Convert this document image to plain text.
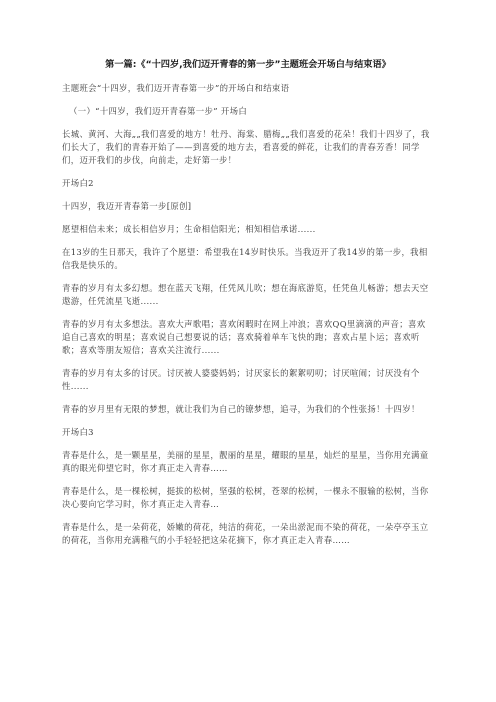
第一篇:《“十四岁,我们迈开青春的第一步”主题班会开场白与结束语》

主题班会“十四岁，我们迈开青春第一步”的开场白和结束语

（一）“十四岁，我们迈开青春第一步” 开场白

长城、黄河、大海„„我们喜爱的地方！牡丹、海棠、腊梅„„我们喜爱的花朵！我们十四岁了，我们长大了，我们的青春开始了——到喜爱的地方去，看喜爱的鲜花，让我们的青春芳香！同学们，迈开我们的步伐，向前走，走好第一步！

开场白2

十四岁，我迈开青春第一步[原创]

愿望相信未来；成长相信岁月；生命相信阳光；相知相信承诺......

在13岁的生日那天，我许了个愿望：希望我在14岁时快乐。当我迈开了我14岁的第一步，我相信我是快乐的。

青春的岁月有太多幻想。想在蓝天飞翔，任凭风儿吹；想在海底游览，任凭鱼儿畅游；想去天空遨游，任凭流星飞逝......

青春的岁月有太多想法。喜欢大声歌唱；喜欢闲暇时在网上冲浪；喜欢QQ里滴滴的声音；喜欢追自己喜欢的明星；喜欢说自己想要说的话；喜欢骑着单车飞快的跑；喜欢占星卜运；喜欢听歌；喜欢等朋友短信；喜欢关注流行......

青春的岁月有太多的讨厌。讨厌被人婆婆妈妈；讨厌家长的絮絮叨叨；讨厌喧闹；讨厌没有个性......

青春的岁月里有无限的梦想，就让我们为自己的镣梦想，追寻，为我们的个性张扬！十四岁！

开场白3

青春是什么，是一颗星星，美丽的星星，靓丽的星星，耀眼的星星，灿烂的星星，当你用充满童真的眼光仰望它时，你才真正走入青春……

青春是什么，是一棵松树，挺拔的松树，坚强的松树，苍翠的松树，一棵永不服输的松树，当你决心要向它学习时，你才真正走入青春…

青春是什么，是一朵荷花，娇嫩的荷花，纯洁的荷花，一朵出淤泥而不染的荷花，一朵亭亭玉立的荷花，当你用充满稚气的小手轻轻把这朵花摘下，你才真正走入青春……
